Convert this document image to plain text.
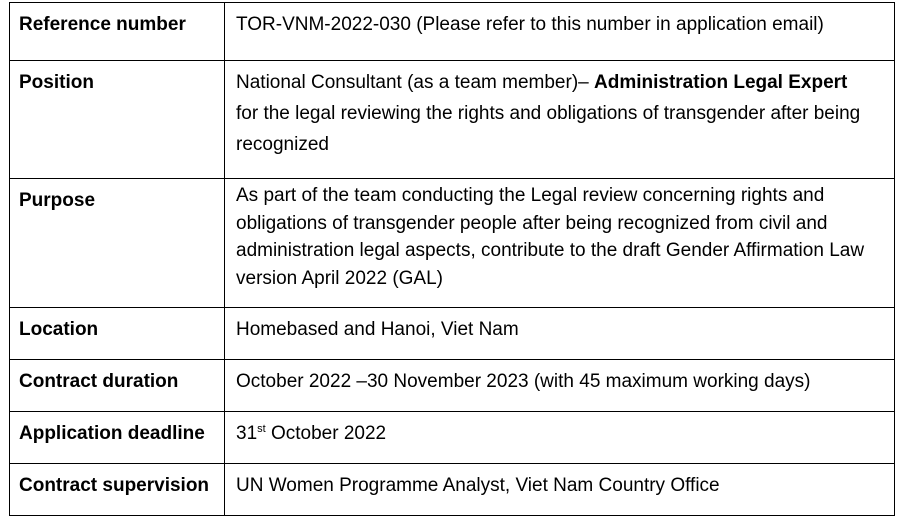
Reference number	TOR-VNM-2022-030 (Please refer to this number in application email)
Position	National Consultant (as a team member)– Administration Legal Expert
for the legal reviewing the rights and obligations of transgender after being recognized
Purpose	As part of the team conducting the Legal review concerning rights and obligations of transgender people after being recognized from civil and administration legal aspects, contribute to the draft Gender Affirmation Law version April 2022 (GAL)
Location	Homebased and Hanoi, Viet Nam
Contract duration	October 2022 –30 November 2023 (with 45 maximum working days)
Application deadline	31st October 2022
Contract supervision	UN Women Programme Analyst, Viet Nam Country Office
